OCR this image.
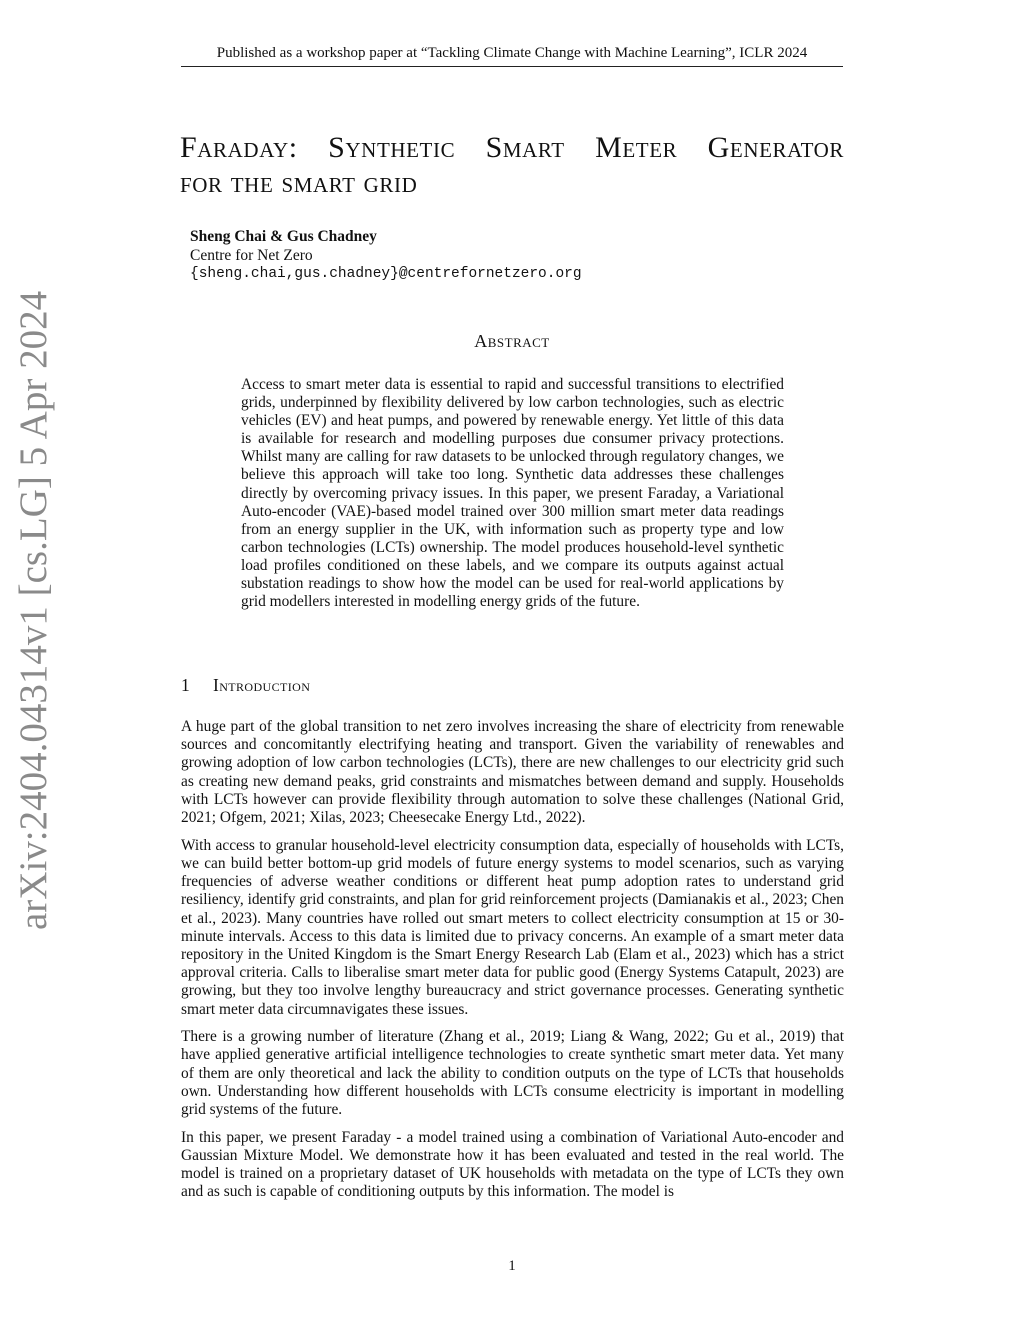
Published as a workshop paper at “Tackling Climate Change with Machine Learning”, ICLR 2024
arXiv:2404.04314v1 [cs.LG] 5 Apr 2024
Faraday: Synthetic Smart Meter Generator
for the smart grid
Sheng Chai & Gus Chadney
Centre for Net Zero
{sheng.chai,gus.chadney}@centrefornetzero.org
Abstract

Access to smart meter data is essential to rapid and successful transitions to electrified grids, underpinned by flexibility delivered by low carbon technologies, such as electric vehicles (EV) and heat pumps, and powered by renewable energy. Yet little of this data is available for research and modelling purposes due consumer privacy protections. Whilst many are calling for raw datasets to be unlocked through regulatory changes, we believe this approach will take too long. Synthetic data addresses these challenges directly by overcoming privacy issues. In this paper, we present Faraday, a Variational Auto-encoder (VAE)-based model trained over 300 million smart meter data readings from an energy supplier in the UK, with information such as property type and low carbon technologies (LCTs) ownership. The model produces household-level synthetic load profiles conditioned on these labels, and we compare its outputs against actual substation readings to show how the model can be used for real-world applications by grid modellers interested in modelling energy grids of the future.

1 Introduction

A huge part of the global transition to net zero involves increasing the share of electricity from renewable sources and concomitantly electrifying heating and transport. Given the variability of renewables and growing adoption of low carbon technologies (LCTs), there are new challenges to our electricity grid such as creating new demand peaks, grid constraints and mismatches between demand and supply. Households with LCTs however can provide flexibility through automation to solve these challenges (National Grid, 2021; Ofgem, 2021; Xilas, 2023; Cheesecake Energy Ltd., 2022).

With access to granular household-level electricity consumption data, especially of households with LCTs, we can build better bottom-up grid models of future energy systems to model scenarios, such as varying frequencies of adverse weather conditions or different heat pump adoption rates to understand grid resiliency, identify grid constraints, and plan for grid reinforcement projects (Damianakis et al., 2023; Chen et al., 2023). Many countries have rolled out smart meters to collect electricity consumption at 15 or 30-minute intervals. Access to this data is limited due to privacy concerns. An example of a smart meter data repository in the United Kingdom is the Smart Energy Research Lab (Elam et al., 2023) which has a strict approval criteria. Calls to liberalise smart meter data for public good (Energy Systems Catapult, 2023) are growing, but they too involve lengthy bureaucracy and strict governance processes. Generating synthetic smart meter data circumnavigates these issues.

There is a growing number of literature (Zhang et al., 2019; Liang & Wang, 2022; Gu et al., 2019) that have applied generative artificial intelligence technologies to create synthetic smart meter data. Yet many of them are only theoretical and lack the ability to condition outputs on the type of LCTs that households own. Understanding how different households with LCTs consume electricity is important in modelling grid systems of the future.

In this paper, we present Faraday - a model trained using a combination of Variational Auto-encoder and Gaussian Mixture Model. We demonstrate how it has been evaluated and tested in the real world. The model is trained on a proprietary dataset of UK households with metadata on the type of LCTs they own and as such is capable of conditioning outputs by this information. The model is

1
